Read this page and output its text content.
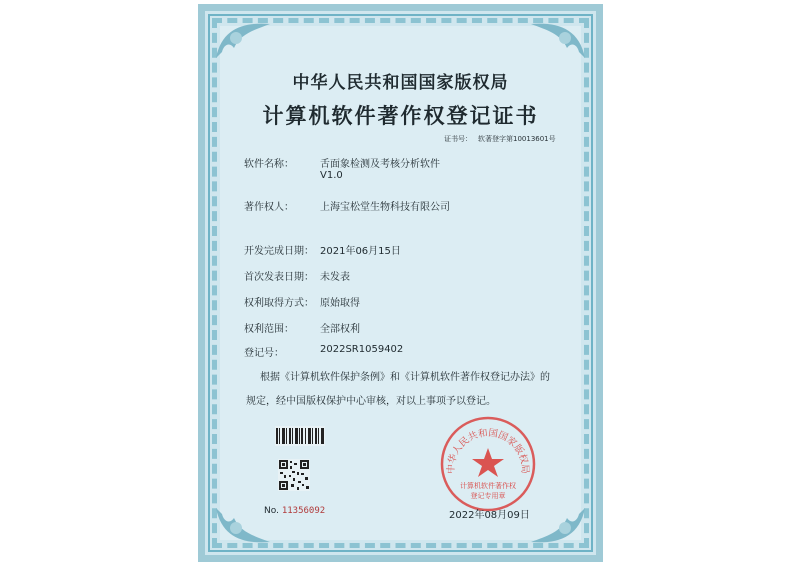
中华人民共和国国家版权局
计算机软件著作权登记证书
证书号： 软著登字第10013601号
软件名称：	舌面象检测及考核分析软件
V1.0
著作权人：	上海宝松堂生物科技有限公司
开发完成日期： 2021年06月15日
首次发表日期： 未发表
权利取得方式： 原始取得
权利范围：	全部权利
登记号：	2022SR1059402
根据《计算机软件保护条例》和《计算机软件著作权登记办法》的
规定，经中国版权保护中心审核，对以上事项予以登记。
No. 11356092
中华人民共和国国家版权局
计算机软件著作权
登记专用章
2022年08月09日
